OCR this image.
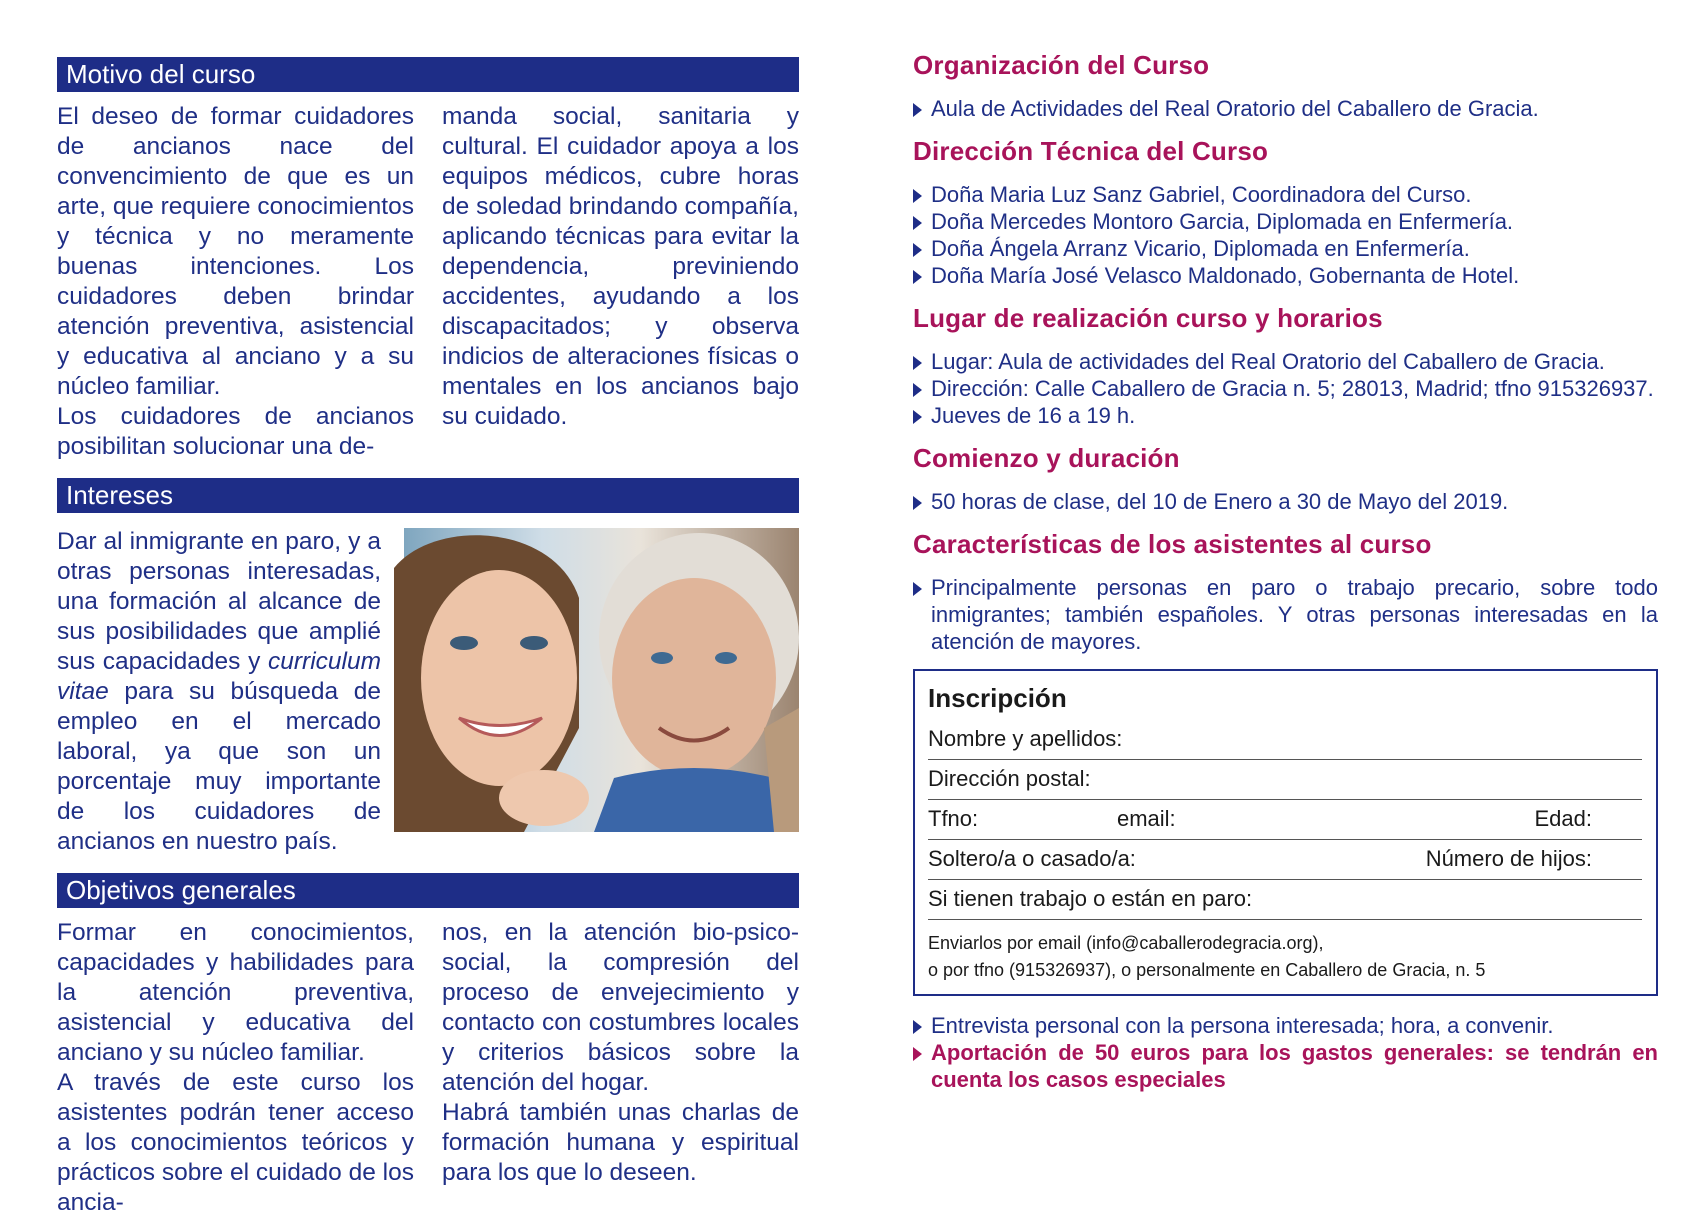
Motivo del curso

El deseo de formar cuidadores de ancianos nace del convencimiento de que es un arte, que requiere conocimientos y técnica y no meramente buenas intenciones. Los cuidadores deben brindar atención preventiva, asistencial y educativa al anciano y a su núcleo familiar.

Los cuidadores de ancianos posibilitan solucionar una de-

manda social, sanitaria y cultural. El cuidador apoya a los equipos médicos, cubre horas de soledad brindando compañía, aplicando técnicas para evitar la dependencia, previniendo accidentes, ayudando a los discapacitados; y observa indicios de alteraciones físicas o mentales en los ancianos bajo su cuidado.

Intereses
Dar al inmigrante en paro, y a otras personas interesadas, una formación al alcance de sus posibilidades que amplié sus capacidades y curriculum vitae para su búsqueda de empleo en el mercado laboral, ya que son un porcentaje muy importante de los cuidadores de ancianos en nuestro país.
Objetivos generales

Formar en conocimientos, capacidades y habilidades para la atención preventiva, asistencial y educativa del anciano y su núcleo familiar.

A través de este curso los asistentes podrán tener acceso a los conocimientos teóricos y prácticos sobre el cuidado de los ancia-

nos, en la atención bio-psico-social, la compresión del proceso de envejecimiento y contacto con costumbres locales y criterios básicos sobre la atención del hogar.

Habrá también unas charlas de formación humana y espiritual para los que lo deseen.

Organización del Curso
Aula de Actividades del Real Oratorio del Caballero de Gracia.
Dirección Técnica del Curso
Doña Maria Luz Sanz Gabriel, Coordinadora del Curso.
Doña Mercedes Montoro Garcia, Diplomada en Enfermería.
Doña Ángela Arranz Vicario, Diplomada en Enfermería.
Doña María José Velasco Maldonado, Gobernanta de Hotel.
Lugar de realización curso y horarios
Lugar: Aula de actividades del Real Oratorio del Caballero de Gracia.
Dirección: Calle Caballero de Gracia n. 5; 28013, Madrid; tfno 915326937.
Jueves de 16 a 19 h.
Comienzo y duración
50 horas de clase, del 10 de Enero a 30 de Mayo del 2019.
Características de los asistentes al curso
Principalmente personas en paro o trabajo precario, sobre todo inmigrantes; también españoles. Y otras personas interesadas en la atención de mayores.
Inscripción
Nombre y apellidos:
Dirección postal:
Tfno:	email:	Edad:
Soltero/a o casado/a:	Número de hijos:
Si tienen trabajo o están en paro:
Enviarlos por email (info@caballerodegracia.org),
o por tfno (915326937), o personalmente en Caballero de Gracia, n. 5
Entrevista personal con la persona interesada; hora, a convenir.
Aportación de 50 euros para los gastos generales: se tendrán en cuenta los casos especiales
